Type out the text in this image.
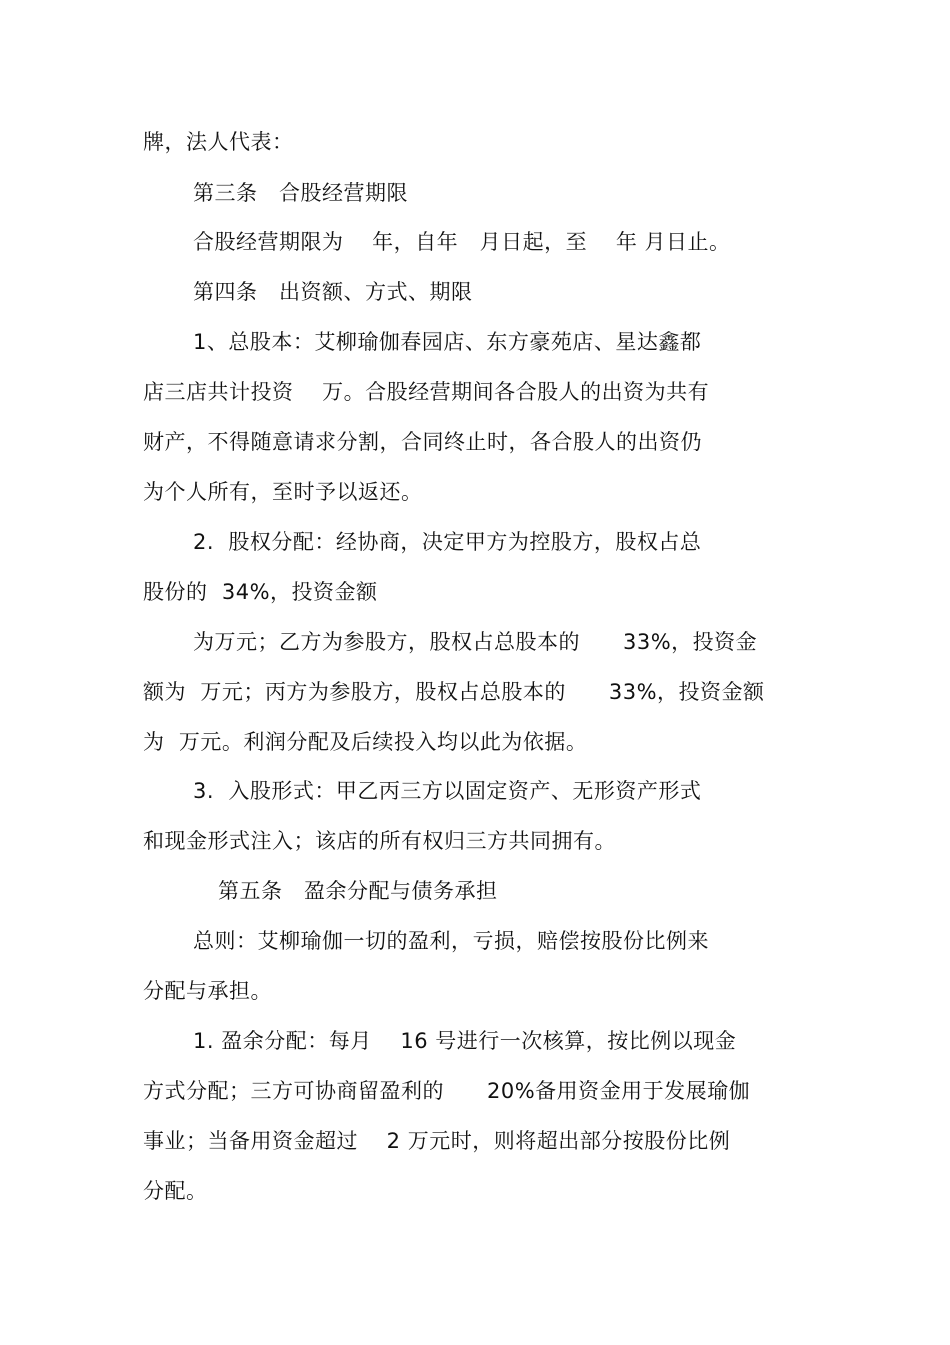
牌，法人代表：
第三条　合股经营期限
合股经营期限为　 年，自年　月日起，至　 年 月日止。
第四条　出资额、方式、期限
1、总股本：艾柳瑜伽春园店、东方豪苑店、星达鑫都
店三店共计投资　 万。合股经营期间各合股人的出资为共有
财产，不得随意请求分割，合同终止时，各合股人的出资仍
为个人所有，至时予以返还。
2.  股权分配：经协商，决定甲方为控股方，股权占总
股份的  34%，投资金额
为万元；乙方为参股方，股权占总股本的　　33%，投资金
额为  万元；丙方为参股方，股权占总股本的　　33%，投资金额
为  万元。利润分配及后续投入均以此为依据。
3.  入股形式：甲乙丙三方以固定资产、无形资产形式
和现金形式注入；该店的所有权归三方共同拥有。
第五条　盈余分配与债务承担
总则：艾柳瑜伽一切的盈利，亏损，赔偿按股份比例来
分配与承担。
1. 盈余分配：每月　 16 号进行一次核算，按比例以现金
方式分配；三方可协商留盈利的　　20%备用资金用于发展瑜伽
事业；当备用资金超过　 2 万元时，则将超出部分按股份比例
分配。
